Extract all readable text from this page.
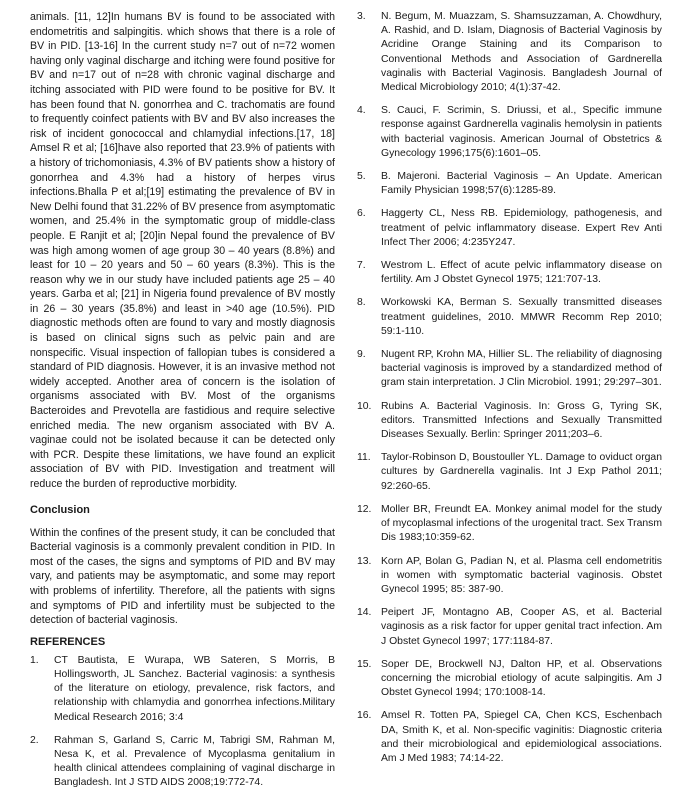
animals. [11, 12]In humans BV is found to be associated with endometritis and salpingitis. which shows that there is a role of BV in PID. [13-16] In the current study n=7 out of n=72 women having only vaginal discharge and itching were found positive for BV and n=17 out of n=28 with chronic vaginal discharge and itching associated with PID were found to be positive for BV. It has been found that N. gonorrhea and C. trachomatis are found to frequently coinfect patients with BV and BV also increases the risk of incident gonococcal and chlamydial infections.[17, 18] Amsel R et al; [16]have also reported that 23.9% of patients with a history of trichomoniasis, 4.3% of BV patients show a history of gonorrhea and 4.3% had a history of herpes virus infections.Bhalla P et al;[19] estimating the prevalence of BV in New Delhi found that 31.22% of BV presence from asymptomatic women, and 25.4% in the symptomatic group of middle-class people. E Ranjit et al; [20]in Nepal found the prevalence of BV was high among women of age group 30 – 40 years (8.8%) and least for 10 – 20 years and 50 – 60 years (8.3%). This is the reason why we in our study have included patients age 25 – 40 years. Garba et al; [21] in Nigeria found prevalence of BV mostly in 26 – 30 years (35.8%) and least in >40 age (10.5%). PID diagnostic methods often are found to vary and mostly diagnosis is based on clinical signs such as pelvic pain and are nonspecific. Visual inspection of fallopian tubes is considered a standard of PID diagnosis. However, it is an invasive method not widely accepted. Another area of concern is the isolation of organisms associated with BV. Most of the organisms Bacteroides and Prevotella are fastidious and require selective enriched media. The new organism associated with BV A. vaginae could not be isolated because it can be detected only with PCR. Despite these limitations, we have found an explicit association of BV with PID. Investigation and treatment will reduce the burden of reproductive morbidity.

Conclusion

Within the confines of the present study, it can be concluded that Bacterial vaginosis is a commonly prevalent condition in PID. In most of the cases, the signs and symptoms of PID and BV may vary, and patients may be asymptomatic, and some may report with problems of infertility. Therefore, all the patients with signs and symptoms of PID and infertility must be subjected to the detection of bacterial vaginosis.

REFERENCES
1.	CT Bautista, E Wurapa, WB Sateren, S Morris, B Hollingsworth, JL Sanchez. Bacterial vaginosis: a synthesis of the literature on etiology, prevalence, risk factors, and relationship with chlamydia and gonorrhea infections.Military Medical Research 2016; 3:4
2.	Rahman S, Garland S, Carric M, Tabrigi SM, Rahman M, Nesa K, et al. Prevalence of Mycoplasma genitalium in health clinical attendees complaining of vaginal discharge in Bangladesh. Int J STD AIDS 2008;19:772-74.
3.	N. Begum, M. Muazzam, S. Shamsuzzaman, A. Chowdhury, A. Rashid, and D. Islam, Diagnosis of Bacterial Vaginosis by Acridine Orange Staining and its Comparison to Conventional Methods and Association of Gardnerella vaginalis with Bacterial Vaginosis. Bangladesh Journal of Medical Microbiology 2010; 4(1):37-42.
4.	S. Cauci, F. Scrimin, S. Driussi, et al., Specific immune response against Gardnerella vaginalis hemolysin in patients with bacterial vaginosis. American Journal of Obstetrics & Gynecology 1996;175(6):1601–05.
5.	B. Majeroni. Bacterial Vaginosis – An Update. American Family Physician 1998;57(6):1285-89.
6.	Haggerty CL, Ness RB. Epidemiology, pathogenesis, and treatment of pelvic inflammatory disease. Expert Rev Anti Infect Ther 2006; 4:235Y247.
7.	Westrom L. Effect of acute pelvic inflammatory disease on fertility. Am J Obstet Gynecol 1975; 121:707-13.
8.	Workowski KA, Berman S. Sexually transmitted diseases treatment guidelines, 2010. MMWR Recomm Rep 2010; 59:1-110.
9.	Nugent RP, Krohn MA, Hillier SL. The reliability of diagnosing bacterial vaginosis is improved by a standardized method of gram stain interpretation. J Clin Microbiol. 1991; 29:297–301.
10. Rubins A. Bacterial Vaginosis. In: Gross G, Tyring SK, editors. Transmitted Infections and Sexually Transmitted Diseases Sexually. Berlin: Springer 2011;203–6.
11. Taylor-Robinson D, Boustouller YL. Damage to oviduct organ cultures by Gardnerella vaginalis. Int J Exp Pathol 2011; 92:260-65.
12. Moller BR, Freundt EA. Monkey animal model for the study of mycoplasmal infections of the urogenital tract. Sex Transm Dis 1983;10:359-62.
13. Korn AP, Bolan G, Padian N, et al. Plasma cell endometritis in women with symptomatic bacterial vaginosis. Obstet Gynecol 1995; 85: 387-90.
14. Peipert JF, Montagno AB, Cooper AS, et al. Bacterial vaginosis as a risk factor for upper genital tract infection. Am J Obstet Gynecol 1997; 177:1184-87.
15. Soper DE, Brockwell NJ, Dalton HP, et al. Observations concerning the microbial etiology of acute salpingitis. Am J Obstet Gynecol 1994; 170:1008-14.
16. Amsel R. Totten PA, Spiegel CA, Chen KCS, Eschenbach DA, Smith K, et al. Non-specific vaginitis: Diagnostic criteria and their microbiological and epidemiological associations. Am J Med 1983; 74:14-22.
